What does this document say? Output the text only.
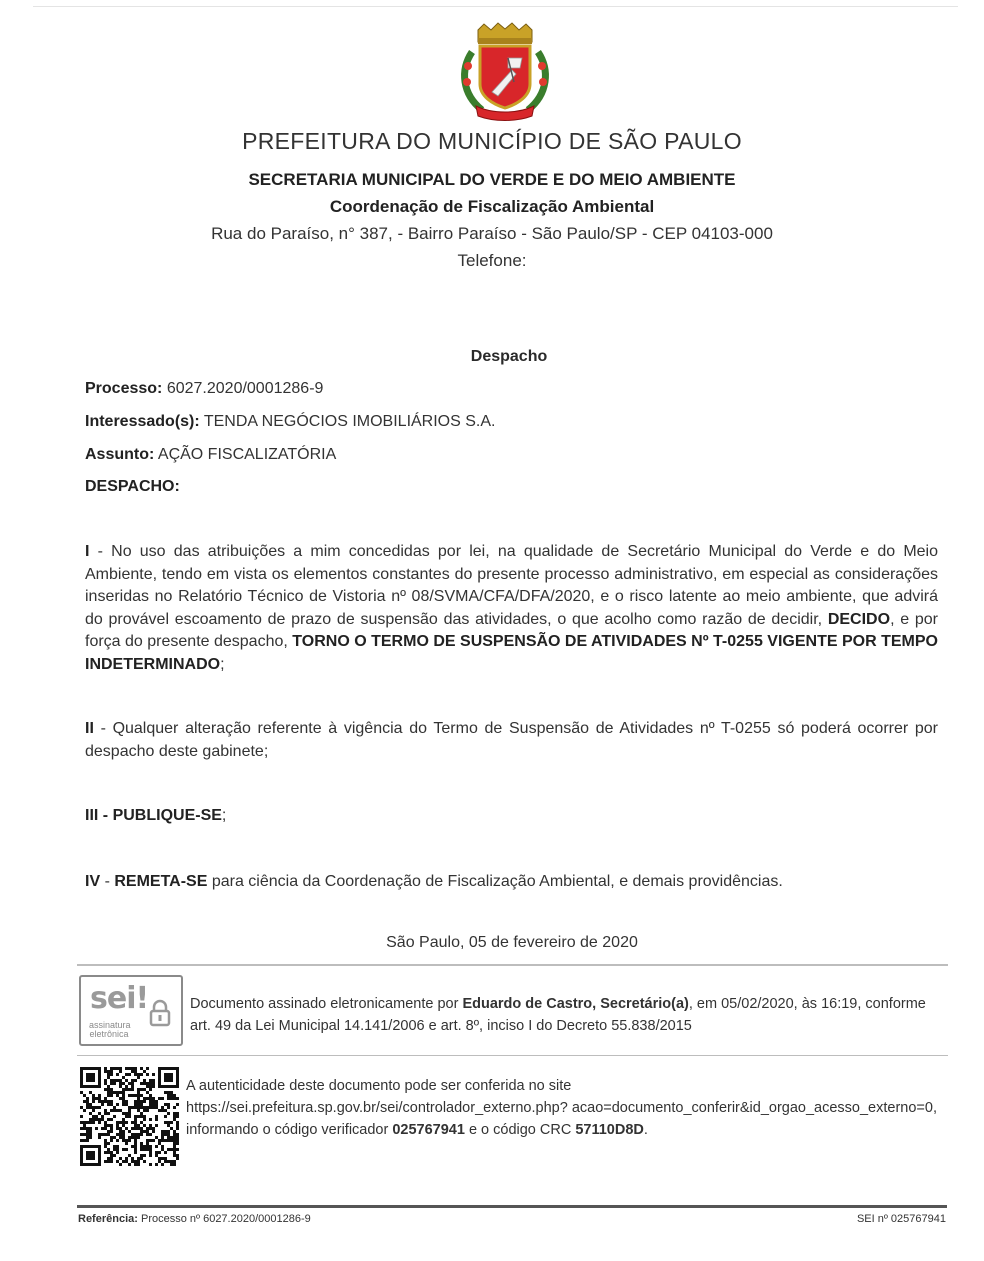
PREFEITURA DO MUNICÍPIO DE SÃO PAULO
SECRETARIA MUNICIPAL DO VERDE E DO MEIO AMBIENTE
Coordenação de Fiscalização Ambiental
Rua do Paraíso, n° 387, - Bairro Paraíso - São Paulo/SP - CEP 04103-000
Telefone:
Despacho
Processo: 6027.2020/0001286-9
Interessado(s): TENDA NEGÓCIOS IMOBILIÁRIOS S.A.
Assunto: AÇÃO FISCALIZATÓRIA
DESPACHO:
I - No uso das atribuições a mim concedidas por lei, na qualidade de Secretário Municipal do Verde e do Meio Ambiente, tendo em vista os elementos constantes do presente processo administrativo, em especial as considerações inseridas no Relatório Técnico de Vistoria nº 08/SVMA/CFA/DFA/2020, e o risco latente ao meio ambiente, que advirá do provável escoamento de prazo de suspensão das atividades, o que acolho como razão de decidir, DECIDO, e por força do presente despacho, TORNO O TERMO DE SUSPENSÃO DE ATIVIDADES Nº T-0255 VIGENTE POR TEMPO INDETERMINADO;
II - Qualquer alteração referente à vigência do Termo de Suspensão de Atividades nº T-0255 só poderá ocorrer por despacho deste gabinete;
III - PUBLIQUE-SE;
IV - REMETA-SE para ciência da Coordenação de Fiscalização Ambiental, e demais providências.
São Paulo, 05 de fevereiro de 2020
sei!
assinatura eletrônica
Documento assinado eletronicamente por Eduardo de Castro, Secretário(a), em 05/02/2020, às 16:19, conforme art. 49 da Lei Municipal 14.141/2006 e art. 8º, inciso I do Decreto 55.838/2015
A autenticidade deste documento pode ser conferida no site https://sei.prefeitura.sp.gov.br/sei/controlador_externo.php? acao=documento_conferir&id_orgao_acesso_externo=0, informando o código verificador 025767941 e o código CRC 57110D8D.
Referência: Processo nº 6027.2020/0001286-9	SEI nº 025767941
